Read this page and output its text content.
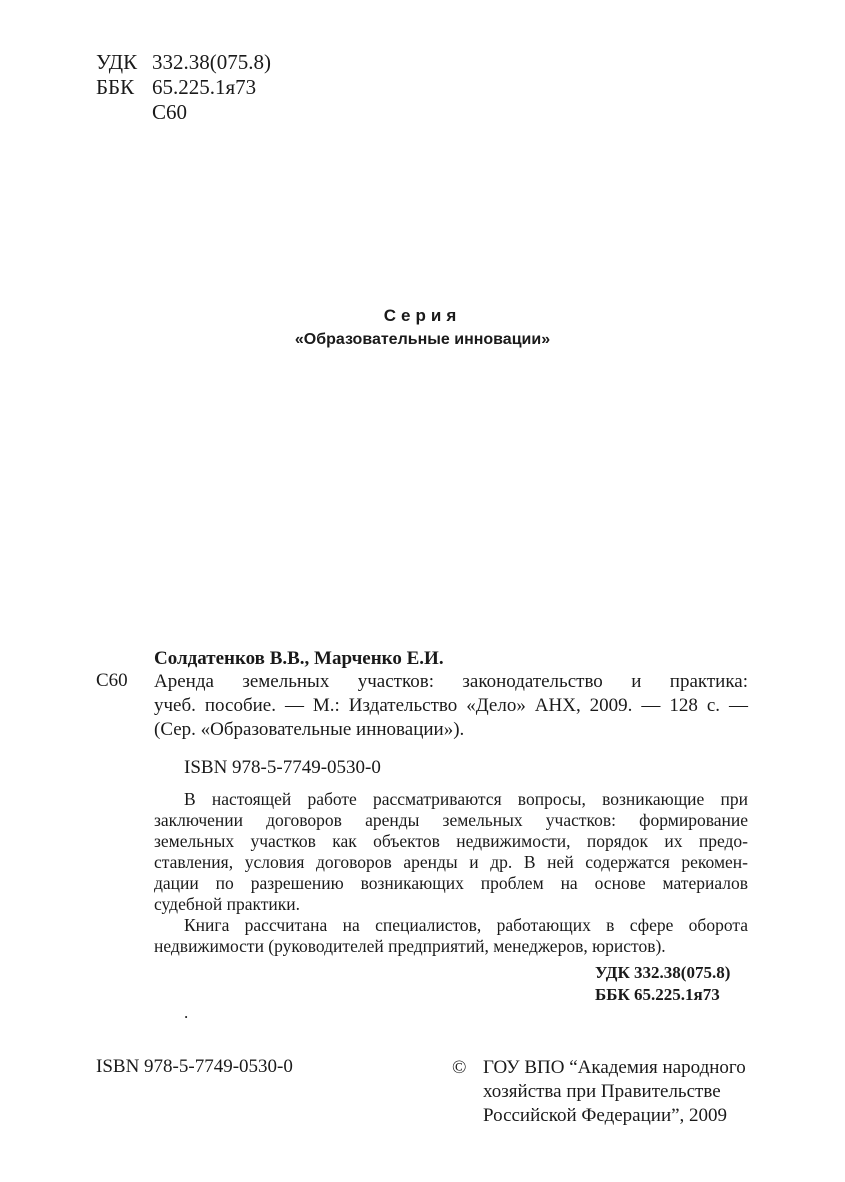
УДК 332.38(075.8)
ББК 65.225.1я73
С60
Серия
«Образовательные инновации»
Солдатенков В.В., Марченко Е.И.
С60 Аренда земельных участков: законодательство и практика:
учеб. пособие. — М.: Издательство «Дело» АНХ, 2009. — 128 с. —
(Сер. «Образовательные инновации»).
ISBN 978-5-7749-0530-0
В настоящей работе рассматриваются вопросы, возникающие при
заключении договоров аренды земельных участков: формирование
земельных участков как объектов недвижимости, порядок их предо-
ставления, условия договоров аренды и др. В ней содержатся рекомен-
дации по разрешению возникающих проблем на основе материалов
судебной практики.
Книга рассчитана на специалистов, работающих в сфере оборота
недвижимости (руководителей предприятий, менеджеров, юристов).
УДК 332.38(075.8)
ББК 65.225.1я73
.
ISBN 978-5-7749-0530-0	© ГОУ ВПО “Академия народного
хозяйства при Правительстве
Российской Федерации”, 2009
